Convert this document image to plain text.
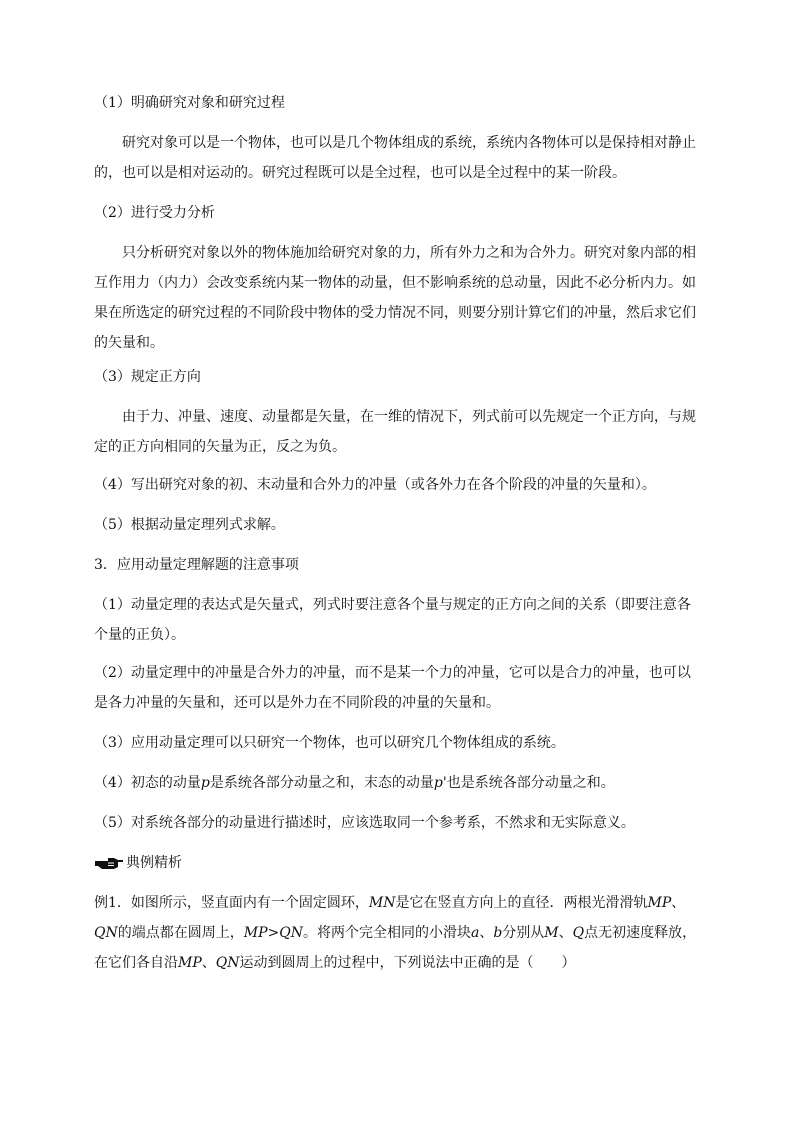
（1）明确研究对象和研究过程

研究对象可以是一个物体，也可以是几个物体组成的系统，系统内各物体可以是保持相对静止的，也可以是相对运动的。研究过程既可以是全过程，也可以是全过程中的某一阶段。

（2）进行受力分析

只分析研究对象以外的物体施加给研究对象的力，所有外力之和为合外力。研究对象内部的相互作用力（内力）会改变系统内某一物体的动量，但不影响系统的总动量，因此不必分析内力。如果在所选定的研究过程的不同阶段中物体的受力情况不同，则要分别计算它们的冲量，然后求它们的矢量和。

（3）规定正方向

由于力、冲量、速度、动量都是矢量，在一维的情况下，列式前可以先规定一个正方向，与规定的正方向相同的矢量为正，反之为负。

（4）写出研究对象的初、末动量和合外力的冲量（或各外力在各个阶段的冲量的矢量和）。

（5）根据动量定理列式求解。

3．应用动量定理解题的注意事项

（1）动量定理的表达式是矢量式，列式时要注意各个量与规定的正方向之间的关系（即要注意各个量的正负）。

（2）动量定理中的冲量是合外力的冲量，而不是某一个力的冲量，它可以是合力的冲量，也可以是各力冲量的矢量和，还可以是外力在不同阶段的冲量的矢量和。

（3）应用动量定理可以只研究一个物体，也可以研究几个物体组成的系统。

（4）初态的动量p是系统各部分动量之和，末态的动量p'也是系统各部分动量之和。

（5）对系统各部分的动量进行描述时，应该选取同一个参考系，不然求和无实际意义。

典例精析

例1．如图所示，竖直面内有一个固定圆环，MN是它在竖直方向上的直径．两根光滑滑轨MP、QN的端点都在圆周上，MP>QN。将两个完全相同的小滑块a、b分别从M、Q点无初速度释放，在它们各自沿MP、QN运动到圆周上的过程中，下列说法中正确的是（　　）
